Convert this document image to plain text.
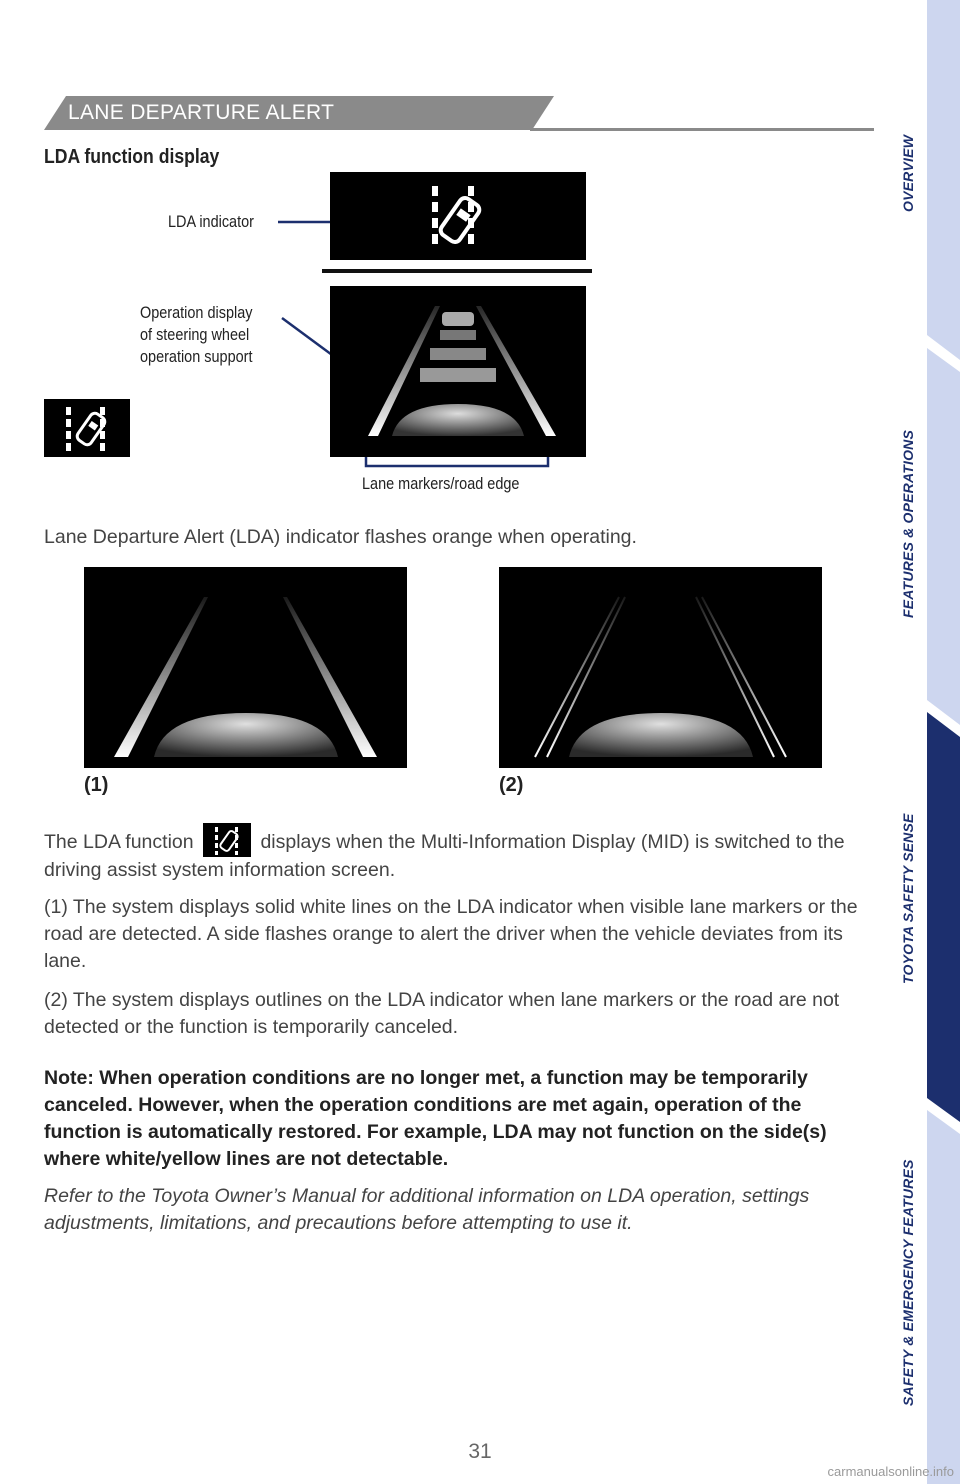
LANE DEPARTURE ALERT
LDA function display
LDA indicator
Operation display
of steering wheel
operation support
Lane markers/road edge
Lane Departure Alert (LDA) indicator flashes orange when operating.
(1)	(2)
The LDA function	displays when the Multi-Information Display (MID) is switched to the driving assist system information screen.
(1) The system displays solid white lines on the LDA indicator when visible lane markers or the road are detected. A side flashes orange to alert the driver when the vehicle deviates from its lane.
(2) The system displays outlines on the LDA indicator when lane markers or the road are not detected or the function is temporarily canceled.
Note: When operation conditions are no longer met, a function may be temporarily canceled. However, when the operation conditions are met again, operation of the function is automatically restored. For example, LDA may not function on the side(s) where white/yellow lines are not detectable.
Refer to the Toyota Owner’s Manual for additional information on LDA operation, settings adjustments, limitations, and precautions before attempting to use it.
OVERVIEW
FEATURES & OPERATIONS
TOYOTA SAFETY SENSE
SAFETY & EMERGENCY FEATURES
31
carmanualsonline.info
